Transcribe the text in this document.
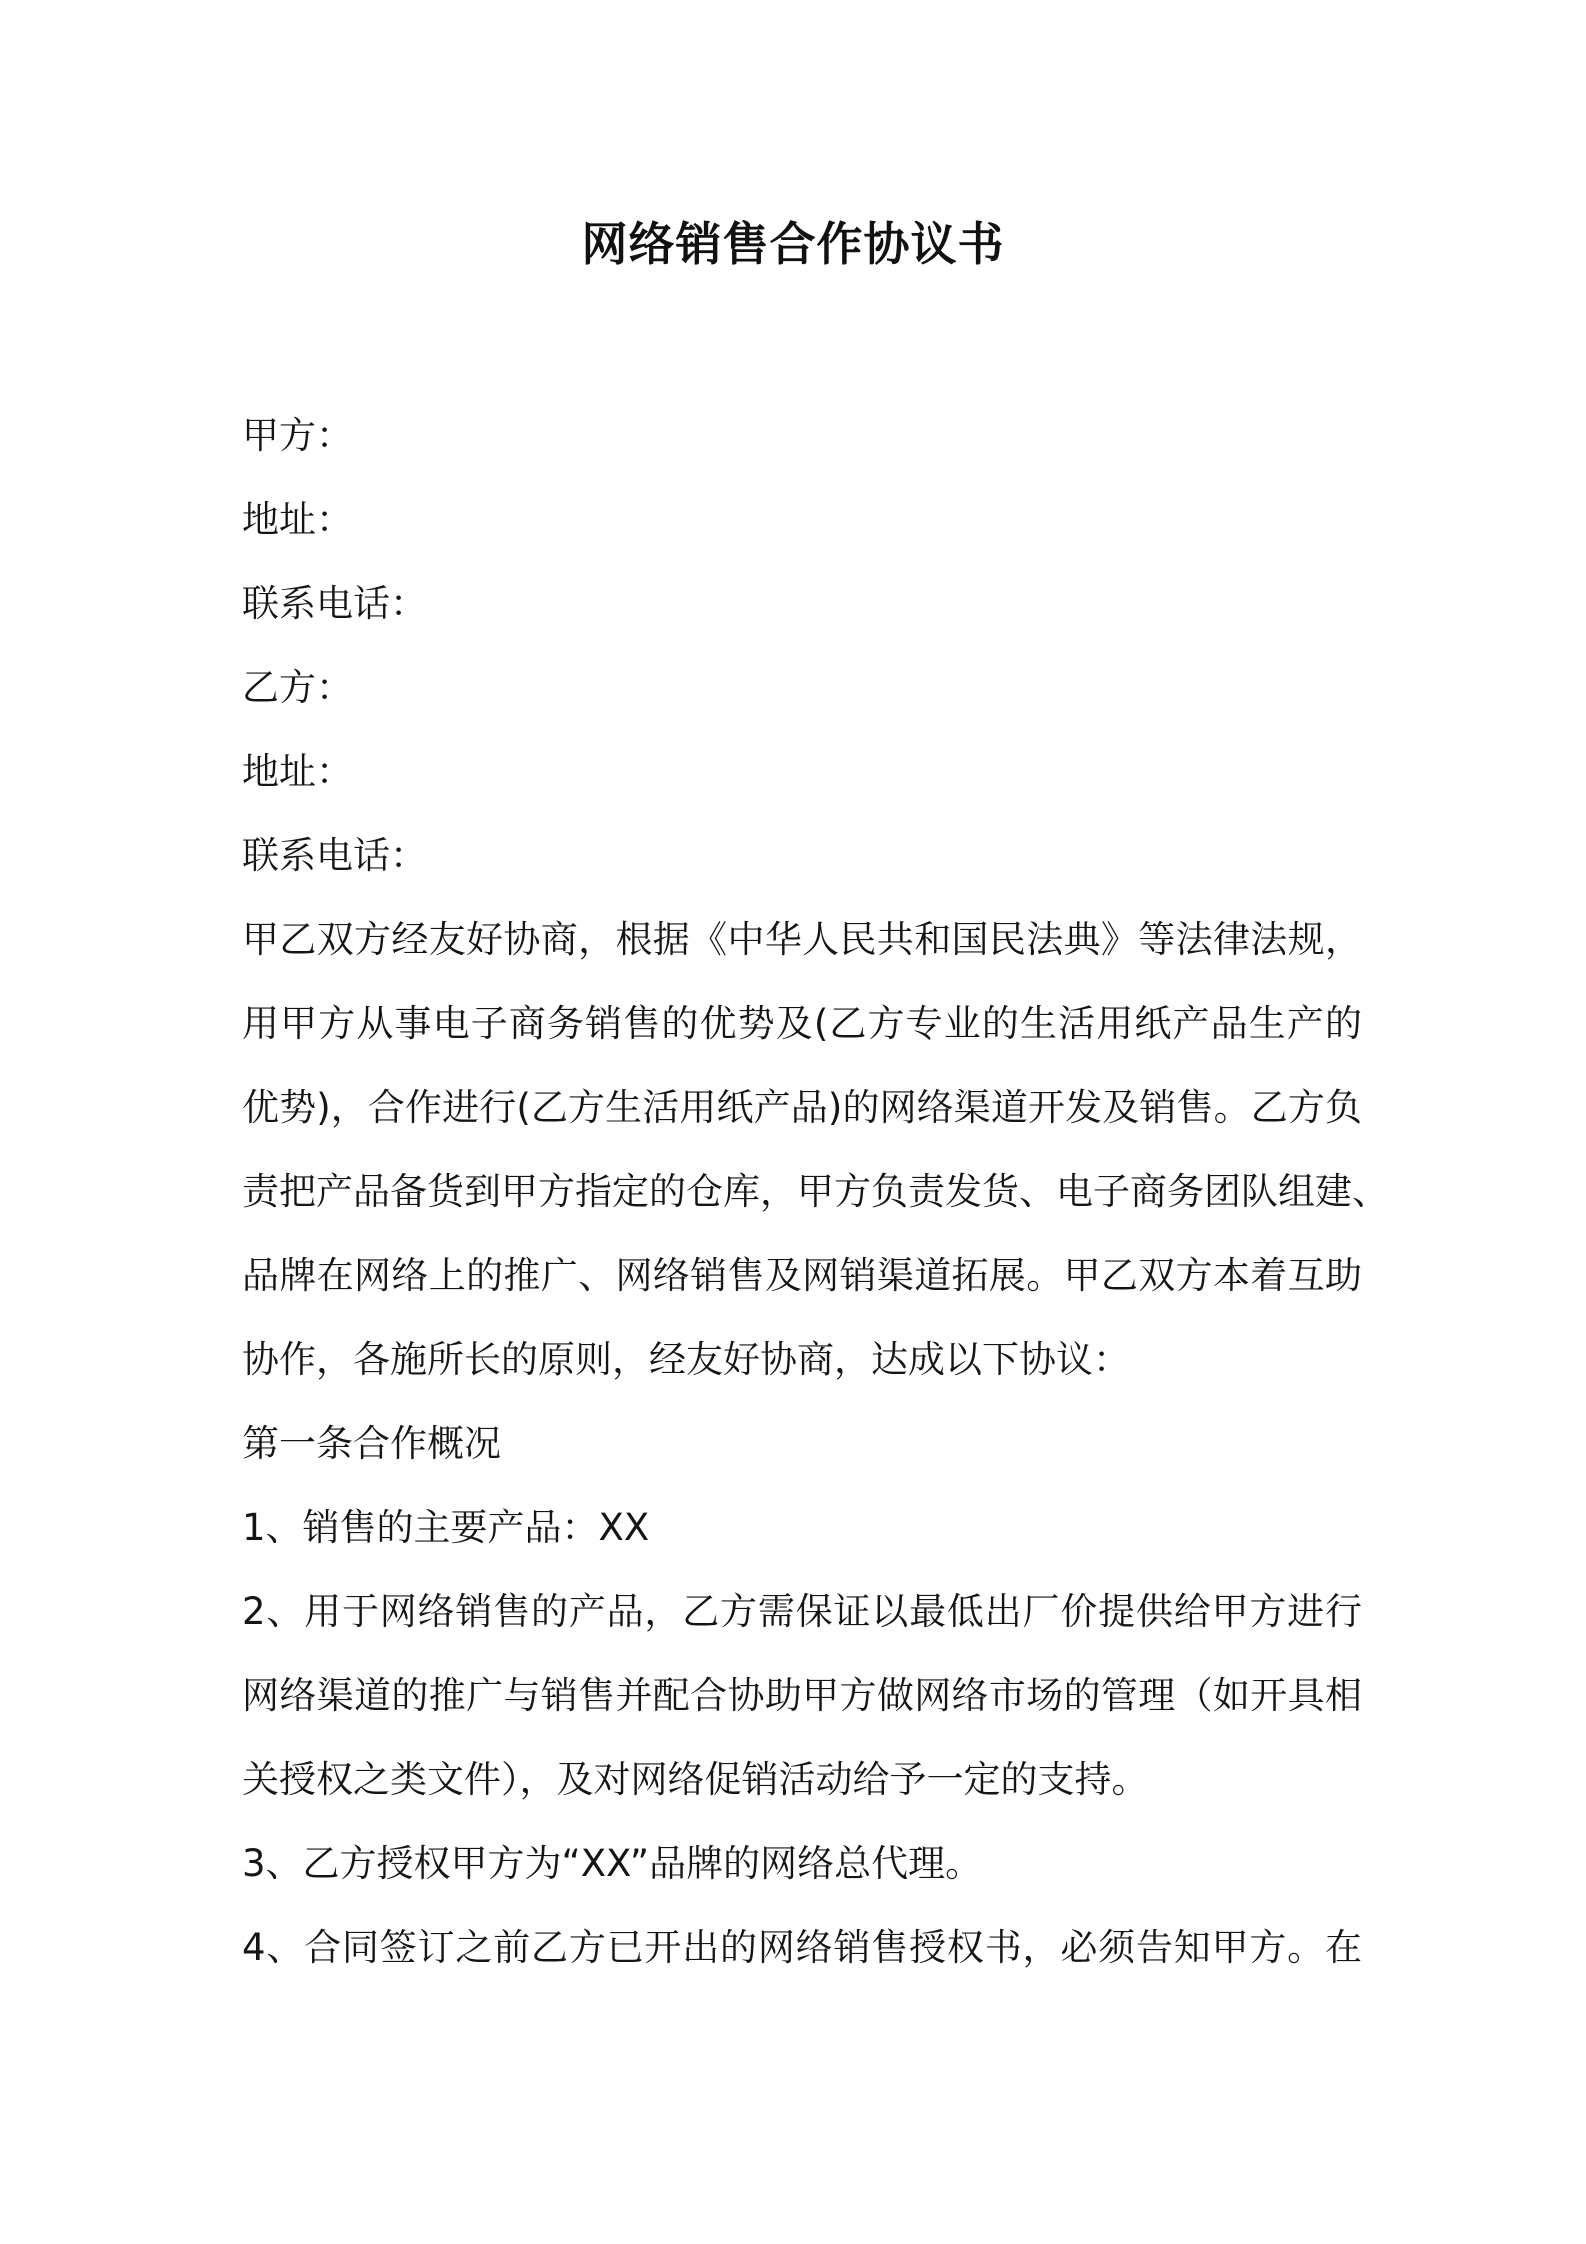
网络销售合作协议书
甲方：
地址：
联系电话：
乙方：
地址：
联系电话：
甲乙双方经友好协商，根据《中华人民共和国民法典》等法律法规，
用甲方从事电子商务销售的优势及(乙方专业的生活用纸产品生产的
优势)，合作进行(乙方生活用纸产品)的网络渠道开发及销售。乙方负
责把产品备货到甲方指定的仓库，甲方负责发货、电子商务团队组建、
品牌在网络上的推广、网络销售及网销渠道拓展。甲乙双方本着互助
协作，各施所长的原则，经友好协商，达成以下协议：
第一条合作概况
1、销售的主要产品：XX
2、用于网络销售的产品，乙方需保证以最低出厂价提供给甲方进行
网络渠道的推广与销售并配合协助甲方做网络市场的管理（如开具相
关授权之类文件），及对网络促销活动给予一定的支持。
3、乙方授权甲方为“XX”品牌的网络总代理。
4、合同签订之前乙方已开出的网络销售授权书，必须告知甲方。在
